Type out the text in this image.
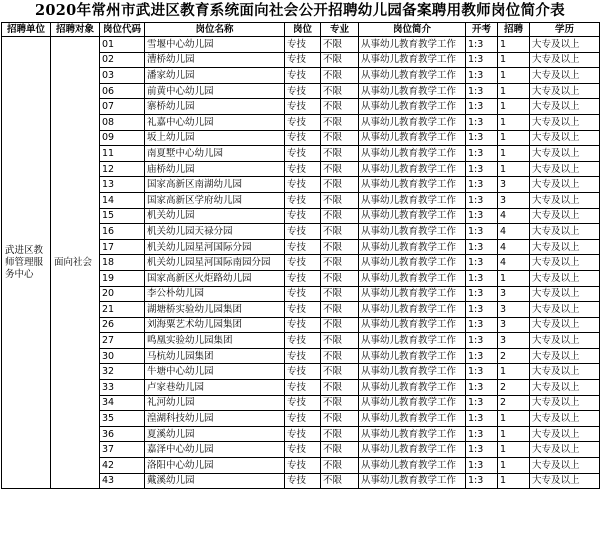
2020年常州市武进区教育系统面向社会公开招聘幼儿园备案聘用教师岗位简介表
招聘单位	招聘对象	岗位代码	岗位名称	岗位	专业	岗位简介	开考	招聘	学历
武进区教师管理服务中心	面向社会	01	雪堰中心幼儿园	专技	不限	从事幼儿教育教学工作	1:3	1	大专及以上
		02	漕桥幼儿园	专技	不限	从事幼儿教育教学工作	1:3	1	大专及以上
		03	潘家幼儿园	专技	不限	从事幼儿教育教学工作	1:3	1	大专及以上
		06	前黄中心幼儿园	专技	不限	从事幼儿教育教学工作	1:3	1	大专及以上
		07	寨桥幼儿园	专技	不限	从事幼儿教育教学工作	1:3	1	大专及以上
		08	礼嘉中心幼儿园	专技	不限	从事幼儿教育教学工作	1:3	1	大专及以上
		09	坂上幼儿园	专技	不限	从事幼儿教育教学工作	1:3	1	大专及以上
		11	南夏墅中心幼儿园	专技	不限	从事幼儿教育教学工作	1:3	1	大专及以上
		12	庙桥幼儿园	专技	不限	从事幼儿教育教学工作	1:3	1	大专及以上
		13	国家高新区南湖幼儿园	专技	不限	从事幼儿教育教学工作	1:3	3	大专及以上
		14	国家高新区学府幼儿园	专技	不限	从事幼儿教育教学工作	1:3	3	大专及以上
		15	机关幼儿园	专技	不限	从事幼儿教育教学工作	1:3	4	大专及以上
		16	机关幼儿园天禄分园	专技	不限	从事幼儿教育教学工作	1:3	4	大专及以上
		17	机关幼儿园星河国际分园	专技	不限	从事幼儿教育教学工作	1:3	4	大专及以上
		18	机关幼儿园星河国际南园分园	专技	不限	从事幼儿教育教学工作	1:3	4	大专及以上
		19	国家高新区火炬路幼儿园	专技	不限	从事幼儿教育教学工作	1:3	1	大专及以上
		20	李公朴幼儿园	专技	不限	从事幼儿教育教学工作	1:3	3	大专及以上
		21	湖塘桥实验幼儿园集团	专技	不限	从事幼儿教育教学工作	1:3	3	大专及以上
		26	刘海粟艺术幼儿园集团	专技	不限	从事幼儿教育教学工作	1:3	3	大专及以上
		27	鸣凰实验幼儿园集团	专技	不限	从事幼儿教育教学工作	1:3	3	大专及以上
		30	马杭幼儿园集团	专技	不限	从事幼儿教育教学工作	1:3	2	大专及以上
		32	牛塘中心幼儿园	专技	不限	从事幼儿教育教学工作	1:3	1	大专及以上
		33	卢家巷幼儿园	专技	不限	从事幼儿教育教学工作	1:3	2	大专及以上
		34	礼河幼儿园	专技	不限	从事幼儿教育教学工作	1:3	2	大专及以上
		35	湟湖科技幼儿园	专技	不限	从事幼儿教育教学工作	1:3	1	大专及以上
		36	夏溪幼儿园	专技	不限	从事幼儿教育教学工作	1:3	1	大专及以上
		37	嘉泽中心幼儿园	专技	不限	从事幼儿教育教学工作	1:3	1	大专及以上
		42	洛阳中心幼儿园	专技	不限	从事幼儿教育教学工作	1:3	1	大专及以上
		43	戴溪幼儿园	专技	不限	从事幼儿教育教学工作	1:3	1	大专及以上
